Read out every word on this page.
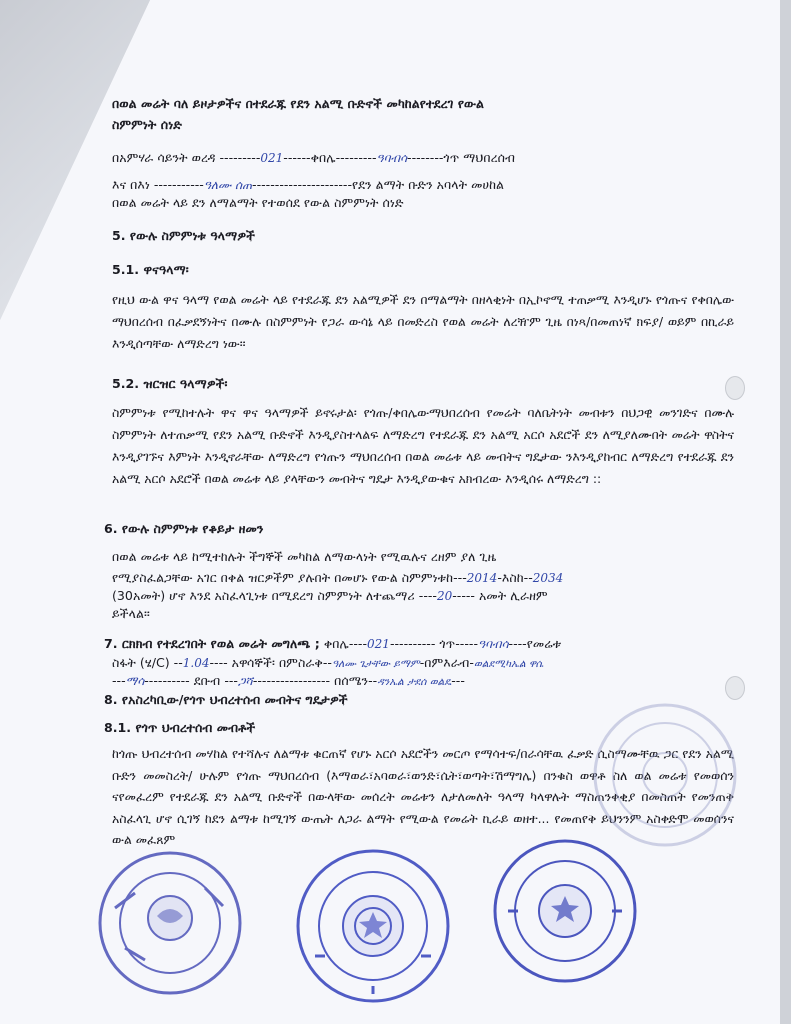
በወል መሬት ባለ ይዞታዎችና በተደራጁ የደን አልሚ ቡድኖች መካከልየተደረገ የውል
ስምምነት ሰነድ
በአምሃራ ሳይንት ወረዳ ---------021------ቀበሌ---------ዓባብሳ--------ጎጥ ማህበረሰብ
እና በእነ -----------ዓለሙ ሰጠ----------------------የደን ልማት ቡድን አባላት መሀከል
በወል መሬት ላይ ደን ለማልማት የተወሰደ የውል ስምምነት ሰነድ
5. የውሉ ስምምነቱ ዓላማዎች
5.1. ዋናዓላማ፡
የዚህ ውል ዋና ዓላማ የወል መሬት ላይ የተደራጁ ደን አልሚዎች ደን በማልማት በዘላቂነት በኢኮኖሚ ተጠቃሚ እንዲሆኑ የጎጡና የቀበሌው ማህበረሰብ በፈቃደኝነትና በሙሉ በስምምነት የጋራ ውሳኔ ላይ በመድረስ የወል መሬት ለረዥም ጊዜ በነጻ/በመጠነኛ ክፍያ/ ወይም በኪራይ እንዲሰጣቸው ለማድረግ ነው፡፡
5.2. ዝርዝር ዓላማዎች፡
ስምምነቱ የሚከተሉት ዋና ዋና ዓላማዎች ይኖሩታል፡ የጎጡ/ቀበሌውማህበረሰብ የመሬት ባለቤትነት መብቱን በህጋዊ መንገድና በሙሉ ስምምነት ለተጠቃሚ የደን አልሚ ቡድኖች እንዲያስተላልፍ ለማድረግ የተደራጁ ደን አልሚ አርሶ አደሮች ደን ለሚያለሙበት መሬት ዋስትና እንዲያገኙና እምነት እንዲኖራቸው ለማድረግ የጎጡን ማህበረሰብ በወል መሬቱ ላይ መብትና ግዴታው ንእንዲያከብር ለማድረግ የተደራጁ ደን አልሚ አርሶ አደሮች በወል መሬቱ ላይ ያላቸውን መብትና ግዴታ እንዲያውቁና አክብረው እንዲሰሩ ለማድረግ ::
6. የውሉ ስምምነቱ የቆይታ ዘመን
በወል መሬቱ ላይ ከሚተከሉት ችግኞች መካከል ለማውላነት የሚዉሉና ረዘም ያለ ጊዜ
የሚያስፈልጋቸው አገር በቀል ዝርዎችም ያሉበት በመሆኑ የውል ስምምነቱከ---2014-እስከ--2034
(30አመት) ሆኖ እንደ አስፈላጊነቱ በሚደረግ ስምምነት ለተጨማሪ ----20----- አመት ሊራዘም
ይችላል፡፡
7. ርክክብ የተደረገበት የወል መሬት መግለጫ ; ቀበሌ----021---------- ጎጥ-----ዓባብሳ----የመሬቱ
ስፋት (ሄ/C) --1.04---- አዋሳኞች፡ በምስራቅ--ዓለሙ ጌታቸው ይማም-በምእራብ-ወልደሚካኤል ዋሴ
---ማሳ---------- ደቡብ ---ጋሻ----------------- በሰሜን--ዳንኤል ታደሰ ወልዴ---
8. የአስረካቢው/የጎጥ ህብረተሰብ መብትና ግዴታዎች
8.1. የጎጥ ህብረተሰብ መብቶች
ከጎጡ ህብረተሰብ መሃከል የተሻሉና ለልማቱ ቁርጠኛ የሆኑ አርሶ አደሮችን መርጦ የማሳተፍ/በራሳቸዉ ፈቃድ ሲስማሙቸዉ ጋር የደን አልሚ ቡድን መመስረት/ ሁሉም የጎጡ ማህበረሰብ (እማወራ፣አባወራ፣ወንድ፣ሴት፣ወጣት፣ሽማግሌ) በንቁስ ወዋቶ ስለ ወል መሬቱ የመወሰን ናየመፈረም የተደራጁ ደን አልሚ ቡድኖች በውላቸው መሰረት መሬቱን ለታለመለት ዓላማ ካላዋሉት ማስጠንቀቂያ በመስጠት የመንጠቅ አስፈላጊ ሆኖ ሲገኝ ከደን ልማቱ ከሚገኝ ውጤት ለጋራ ልማት የሚውል የመሬት ኪራይ ወዘተ... የመጠየቅ ይህንንም አስቀድሞ መወሰንና ውል መፈጸም
